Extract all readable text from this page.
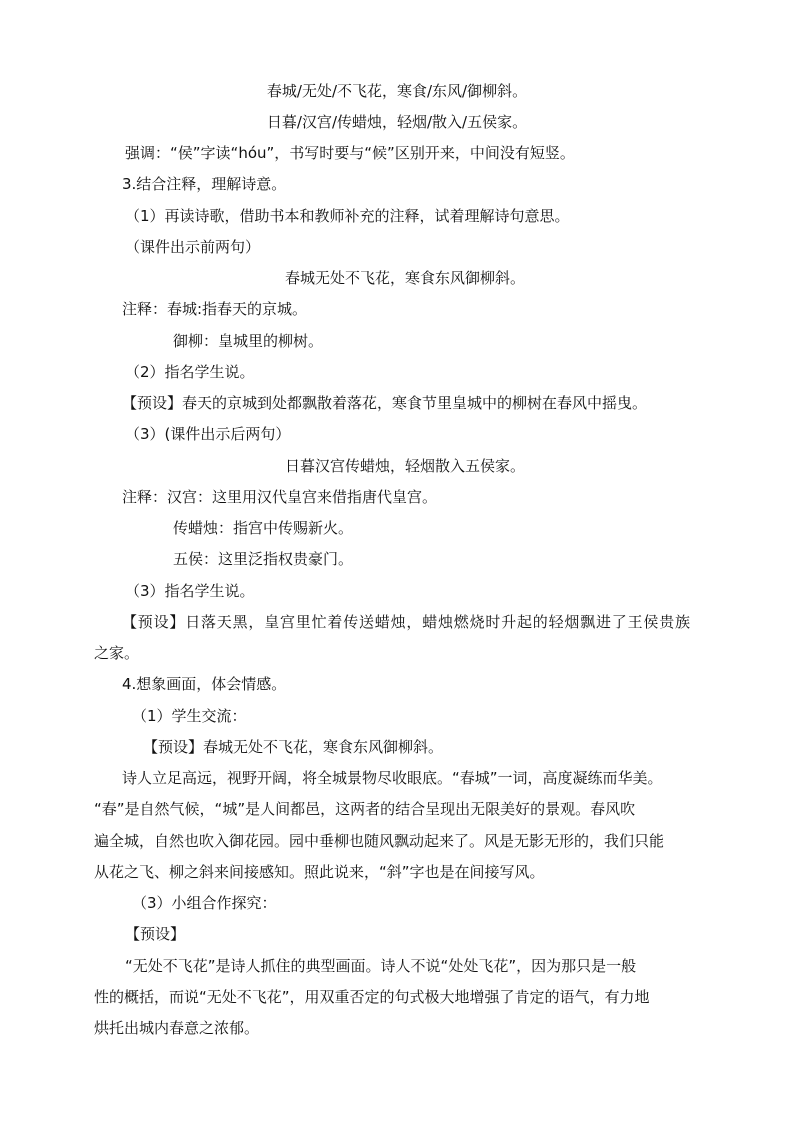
春城/无处/不飞花，寒食/东风/御柳斜。
日暮/汉宫/传蜡烛，轻烟/散入/五侯家。
强调：“侯”字读“hóu”，书写时要与“候”区别开来，中间没有短竖。
3.结合注释，理解诗意。
（1）再读诗歌，借助书本和教师补充的注释，试着理解诗句意思。
（课件出示前两句）
春城无处不飞花，寒食东风御柳斜。
注释：春城:指春天的京城。
御柳：皇城里的柳树。
（2）指名学生说。
【预设】春天的京城到处都飘散着落花，寒食节里皇城中的柳树在春风中摇曳。
（3）(课件出示后两句）
日暮汉宫传蜡烛，轻烟散入五侯家。
注释：汉宫：这里用汉代皇宫来借指唐代皇宫。
传蜡烛：指宫中传赐新火。
五侯：这里泛指权贵豪门。
（3）指名学生说。
【预设】日落天黑，皇宫里忙着传送蜡烛，蜡烛燃烧时升起的轻烟飘进了王侯贵族
之家。
4.想象画面，体会情感。
（1）学生交流：
【预设】春城无处不飞花，寒食东风御柳斜。
诗人立足高远，视野开阔，将全城景物尽收眼底。“春城”一词，高度凝练而华美。
“春”是自然气候，“城”是人间都邑，这两者的结合呈现出无限美好的景观。春风吹
遍全城，自然也吹入御花园。园中垂柳也随风飘动起来了。风是无影无形的，我们只能
从花之飞、柳之斜来间接感知。照此说来，“斜”字也是在间接写风。
（3）小组合作探究：
【预设】
“无处不飞花”是诗人抓住的典型画面。诗人不说“处处飞花”，因为那只是一般
性的概括，而说“无处不飞花”，用双重否定的句式极大地增强了肯定的语气，有力地
烘托出城内春意之浓郁。
